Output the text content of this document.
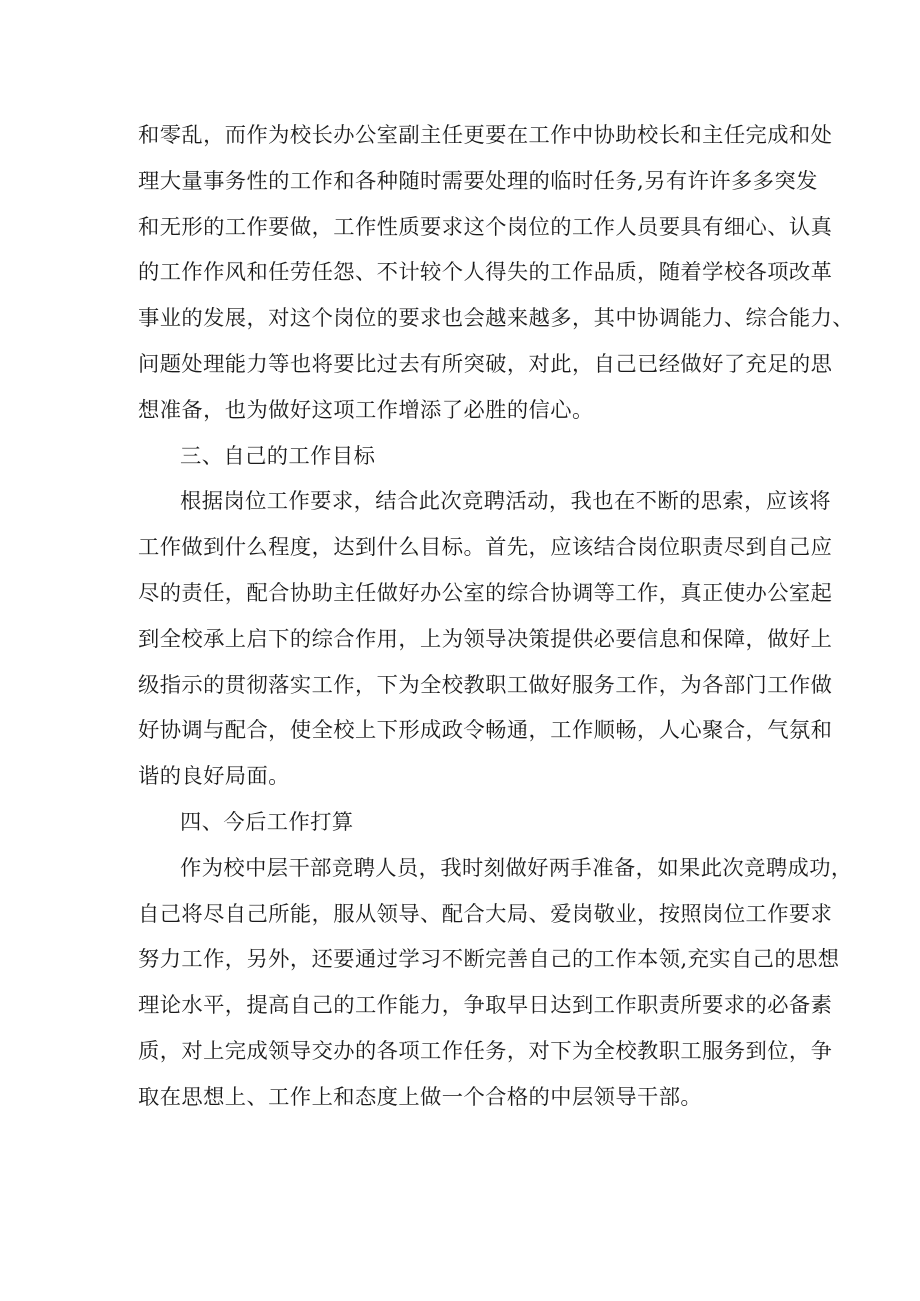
和零乱，而作为校长办公室副主任更要在工作中协助校长和主任完成和处
理大量事务性的工作和各种随时需要处理的临时任务,另有许许多多突发
和无形的工作要做，工作性质要求这个岗位的工作人员要具有细心、认真
的工作作风和任劳任怨、不计较个人得失的工作品质，随着学校各项改革
事业的发展，对这个岗位的要求也会越来越多，其中协调能力、综合能力、
问题处理能力等也将要比过去有所突破，对此，自己已经做好了充足的思
想准备，也为做好这项工作增添了必胜的信心。
三、自己的工作目标
根据岗位工作要求，结合此次竞聘活动，我也在不断的思索，应该将
工作做到什么程度，达到什么目标。首先，应该结合岗位职责尽到自己应
尽的责任，配合协助主任做好办公室的综合协调等工作，真正使办公室起
到全校承上启下的综合作用，上为领导决策提供必要信息和保障，做好上
级指示的贯彻落实工作，下为全校教职工做好服务工作，为各部门工作做
好协调与配合，使全校上下形成政令畅通，工作顺畅，人心聚合，气氛和
谐的良好局面。
四、今后工作打算
作为校中层干部竞聘人员，我时刻做好两手准备，如果此次竞聘成功，
自己将尽自己所能，服从领导、配合大局、爱岗敬业，按照岗位工作要求
努力工作，另外，还要通过学习不断完善自己的工作本领,充实自己的思想
理论水平，提高自己的工作能力，争取早日达到工作职责所要求的必备素
质，对上完成领导交办的各项工作任务，对下为全校教职工服务到位，争
取在思想上、工作上和态度上做一个合格的中层领导干部。
